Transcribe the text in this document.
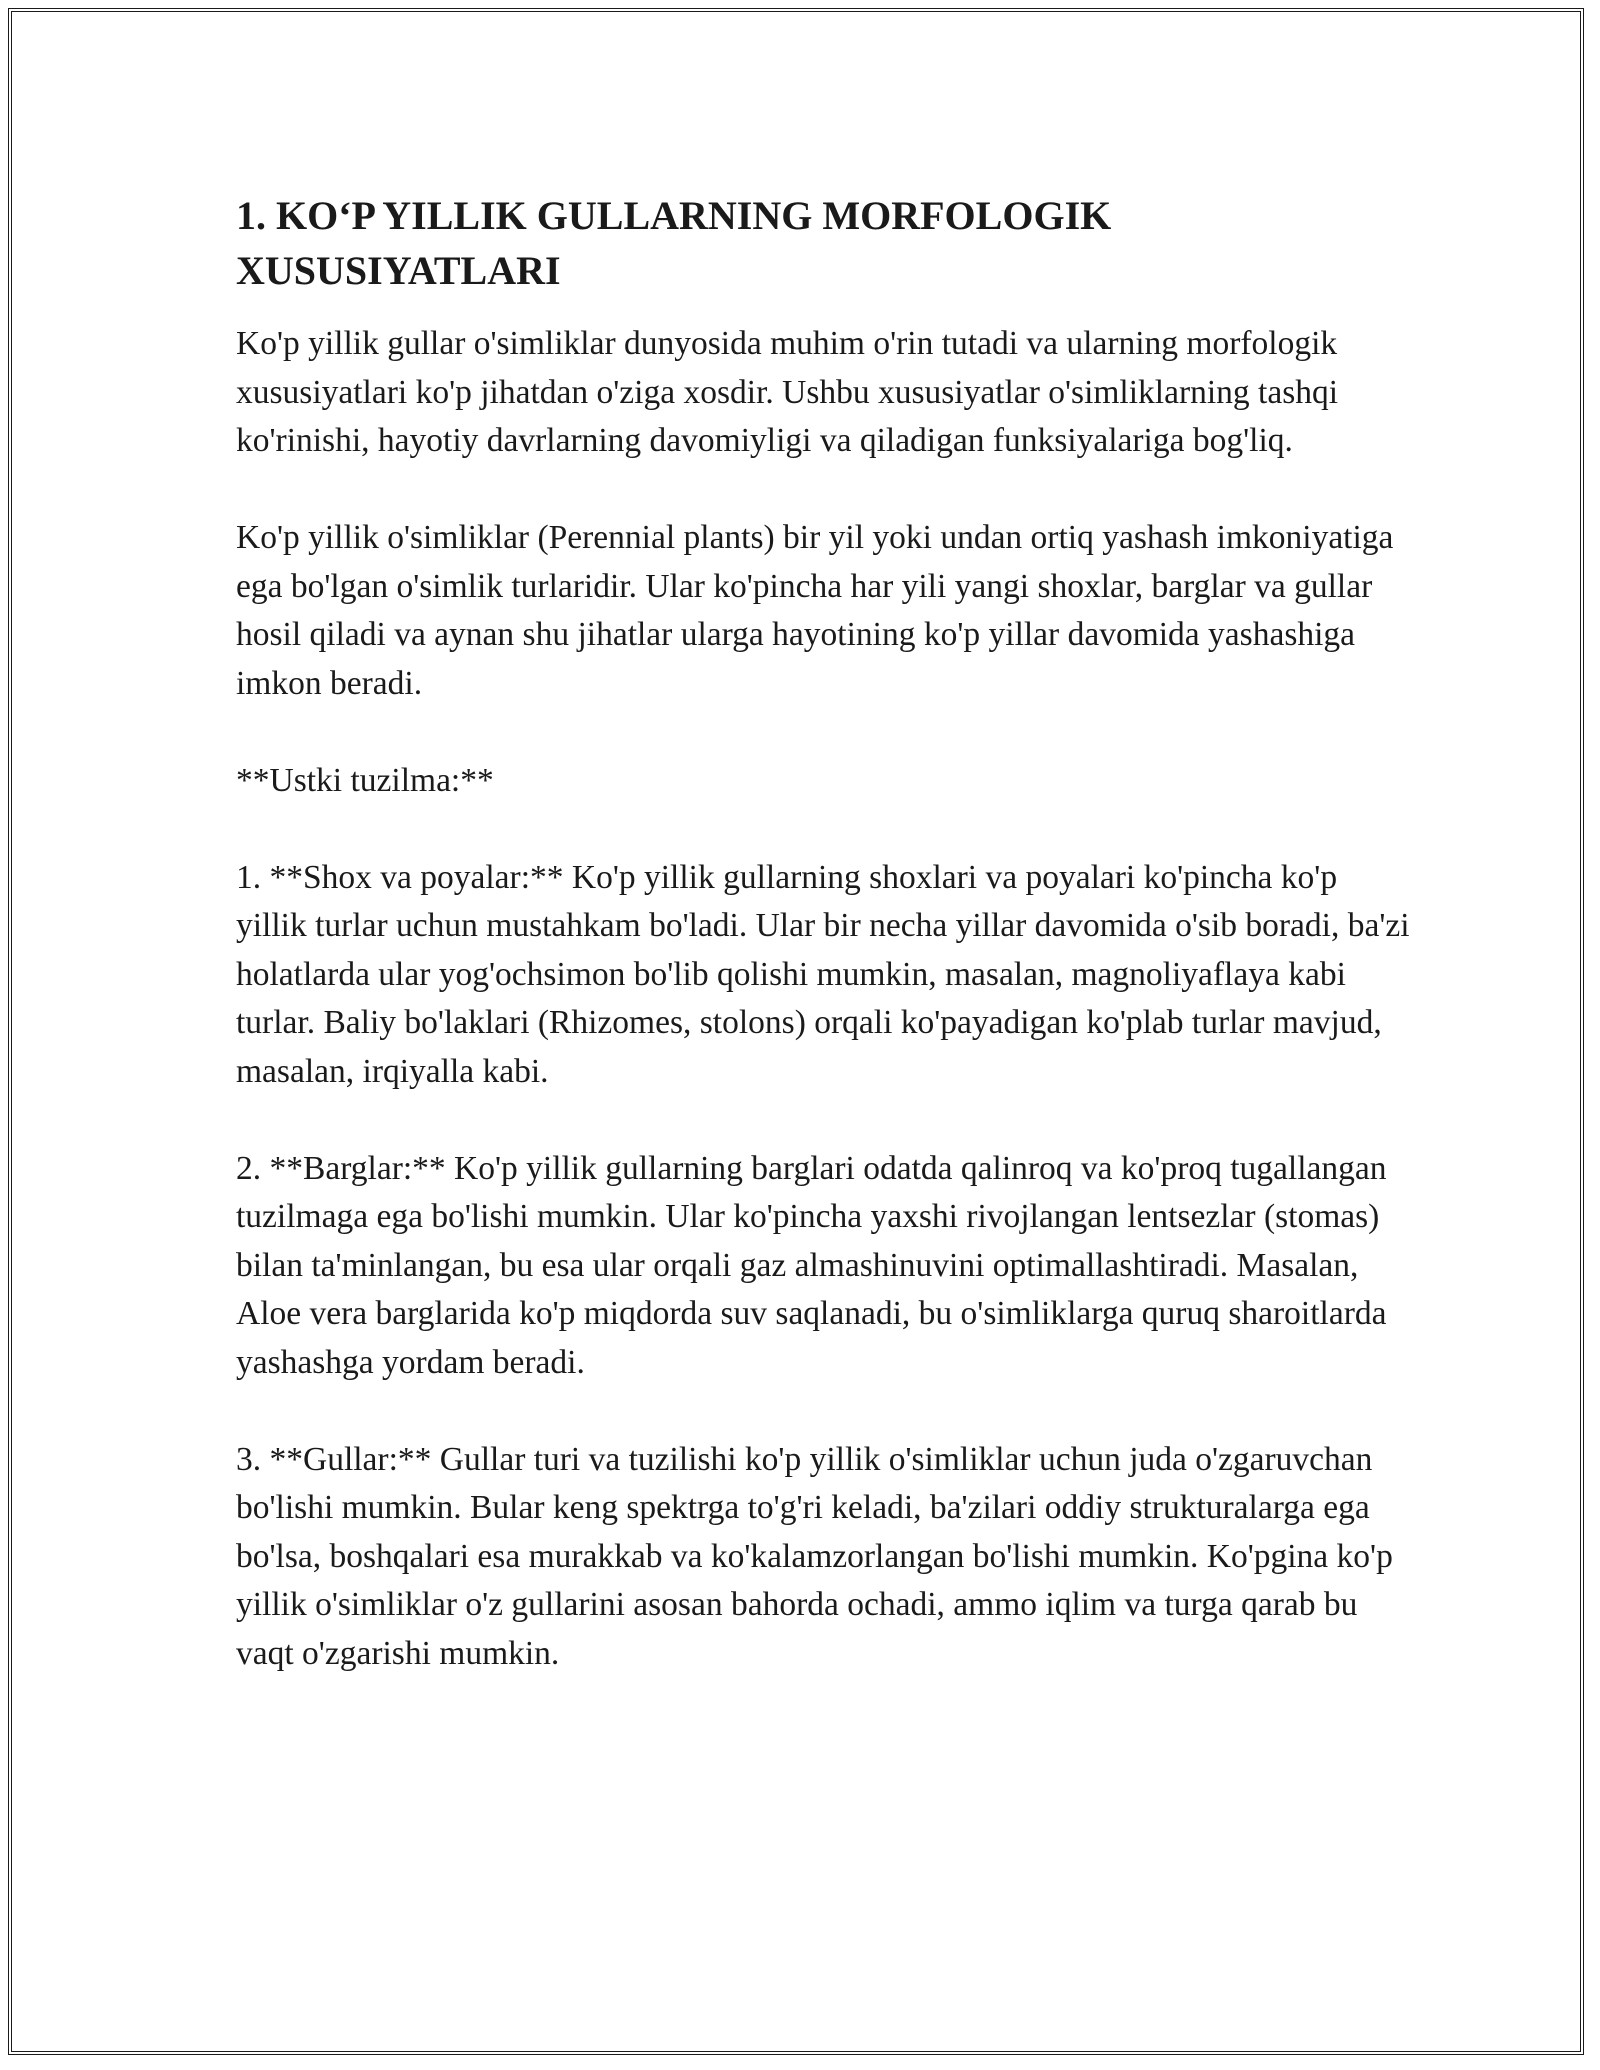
1. KO‘P YILLIK GULLARNING MORFOLOGIK XUSUSIYATLARI

Ko'p yillik gullar o'simliklar dunyosida muhim o'rin tutadi va ularning morfologik xususiyatlari ko'p jihatdan o'ziga xosdir. Ushbu xususiyatlar o'simliklarning tashqi ko'rinishi, hayotiy davrlarning davomiyligi va qiladigan funksiyalariga bog'liq.

Ko'p yillik o'simliklar (Perennial plants) bir yil yoki undan ortiq yashash imkoniyatiga ega bo'lgan o'simlik turlaridir. Ular ko'pincha har yili yangi shoxlar, barglar va gullar hosil qiladi va aynan shu jihatlar ularga hayotining ko'p yillar davomida yashashiga imkon beradi.

**Ustki tuzilma:**

1. **Shox va poyalar:** Ko'p yillik gullarning shoxlari va poyalari ko'pincha ko'p yillik turlar uchun mustahkam bo'ladi. Ular bir necha yillar davomida o'sib boradi, ba'zi holatlarda ular yog'ochsimon bo'lib qolishi mumkin, masalan, magnoliyaflaya kabi turlar. Baliy bo'laklari (Rhizomes, stolons) orqali ko'payadigan ko'plab turlar mavjud, masalan, irqiyalla kabi.

2. **Barglar:** Ko'p yillik gullarning barglari odatda qalinroq va ko'proq tugallangan tuzilmaga ega bo'lishi mumkin. Ular ko'pincha yaxshi rivojlangan lentsezlar (stomas) bilan ta'minlangan, bu esa ular orqali gaz almashinuvini optimallashtiradi. Masalan, Aloe vera barglarida ko'p miqdorda suv saqlanadi, bu o'simliklarga quruq sharoitlarda yashashga yordam beradi.

3. **Gullar:** Gullar turi va tuzilishi ko'p yillik o'simliklar uchun juda o'zgaruvchan bo'lishi mumkin. Bular keng spektrga to'g'ri keladi, ba'zilari oddiy strukturalarga ega bo'lsa, boshqalari esa murakkab va ko'kalamzorlangan bo'lishi mumkin. Ko'pgina ko'p yillik o'simliklar o'z gullarini asosan bahorda ochadi, ammo iqlim va turga qarab bu vaqt o'zgarishi mumkin.
